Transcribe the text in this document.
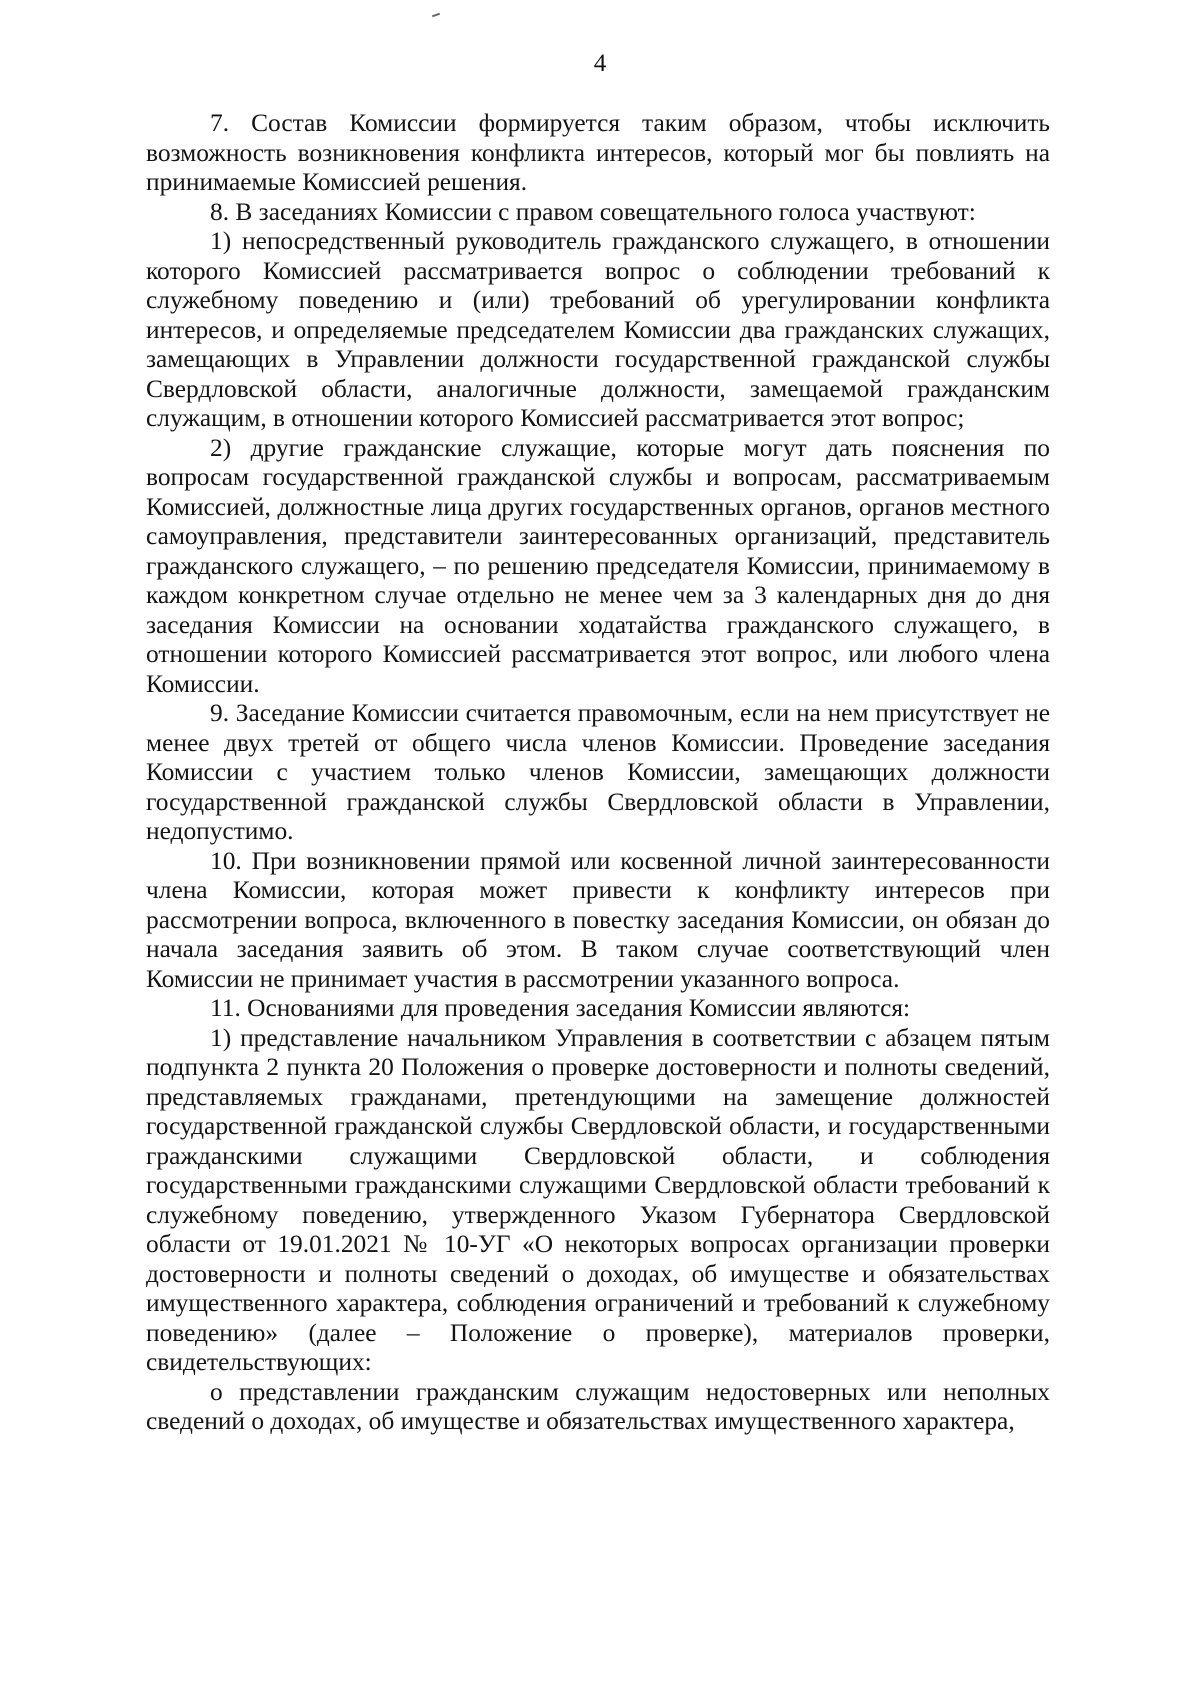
4

7. Состав Комиссии формируется таким образом, чтобы исключить возможность возникновения конфликта интересов, который мог бы повлиять на принимаемые Комиссией решения.

8. В заседаниях Комиссии с правом совещательного голоса участвуют:

1) непосредственный руководитель гражданского служащего, в отношении которого Комиссией рассматривается вопрос о соблюдении требований к служебному поведению и (или) требований об урегулировании конфликта интересов, и определяемые председателем Комиссии два гражданских служащих, замещающих в Управлении должности государственной гражданской службы Свердловской области, аналогичные должности, замещаемой гражданским служащим, в отношении которого Комиссией рассматривается этот вопрос;

2) другие гражданские служащие, которые могут дать пояснения по вопросам государственной гражданской службы и вопросам, рассматриваемым Комиссией, должностные лица других государственных органов, органов местного самоуправления, представители заинтересованных организаций, представитель гражданского служащего, – по решению председателя Комиссии, принимаемому в каждом конкретном случае отдельно не менее чем за 3 календарных дня до дня заседания Комиссии на основании ходатайства гражданского служащего, в отношении которого Комиссией рассматривается этот вопрос, или любого члена Комиссии.

9. Заседание Комиссии считается правомочным, если на нем присутствует не менее двух третей от общего числа членов Комиссии. Проведение заседания Комиссии с участием только членов Комиссии, замещающих должности государственной гражданской службы Свердловской области в Управлении, недопустимо.

10. При возникновении прямой или косвенной личной заинтересованности члена Комиссии, которая может привести к конфликту интересов при рассмотрении вопроса, включенного в повестку заседания Комиссии, он обязан до начала заседания заявить об этом. В таком случае соответствующий член Комиссии не принимает участия в рассмотрении указанного вопроса.

11. Основаниями для проведения заседания Комиссии являются:

1) представление начальником Управления в соответствии с абзацем пятым подпункта 2 пункта 20 Положения о проверке достоверности и полноты сведений, представляемых гражданами, претендующими на замещение должностей государственной гражданской службы Свердловской области, и государственными гражданскими служащими Свердловской области, и соблюдения государственными гражданскими служащими Свердловской области требований к служебному поведению, утвержденного Указом Губернатора Свердловской области от 19.01.2021 № 10-УГ «О некоторых вопросах организации проверки достоверности и полноты сведений о доходах, об имуществе и обязательствах имущественного характера, соблюдения ограничений и требований к служебному поведению» (далее – Положение о проверке), материалов проверки, свидетельствующих:

о представлении гражданским служащим недостоверных или неполных сведений о доходах, об имуществе и обязательствах имущественного характера,
